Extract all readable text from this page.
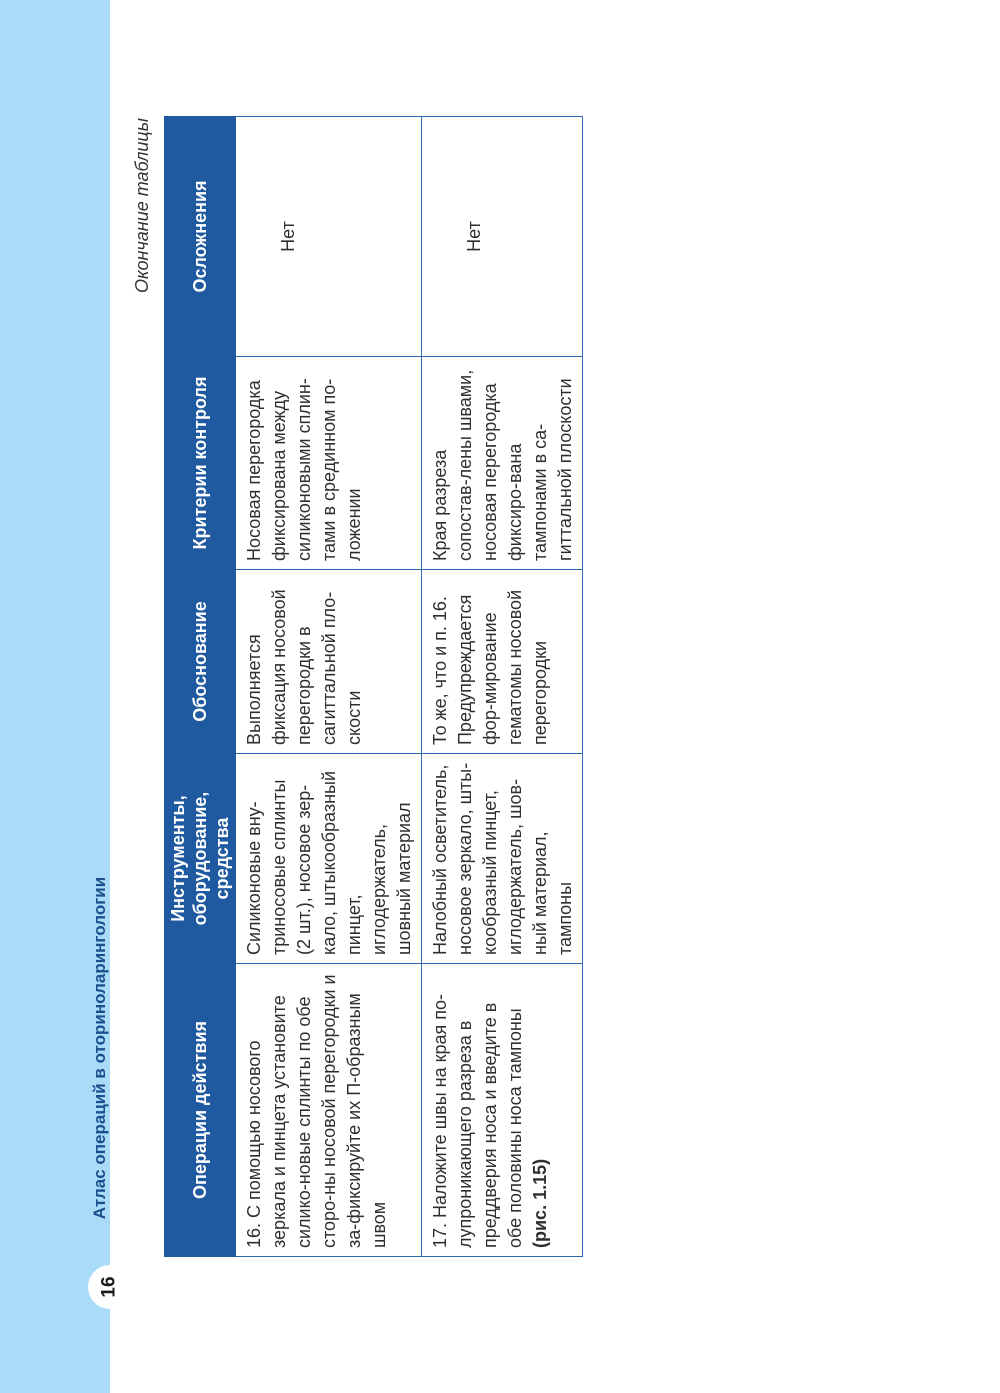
16
Атлас операций в оториноларингологии
Окончание таблицы
Операции действия	Инструменты, оборудование, средства	Обоснование	Критерии контроля	Осложнения
16. С помощью носового зеркала и пинцета установите силико-новые сплинты по обе сторо-ны носовой перегородки и за-фиксируйте их П-образным швом	Силиконовые вну-триносовые сплинты (2 шт.), носовое зер-кало, штыкообразный пинцет, иглодержатель, шовный материал	Выполняется фиксация носовой перегородки в сагиттальной пло-скости	Носовая перегородка фиксирована между силиконовыми сплин-тами в срединном по-ложении	Нет
17. Наложите швы на края по-лупроникающего разреза в преддверия носа и введите в обе половины носа тампоны (рис. 1.15)	Налобный осветитель, носовое зеркало, шты-кообразный пинцет, иглодержатель, шов-ный материал, тампоны	То же, что и п. 16. Предупреждается фор-мирование гематомы носовой перегородки	Края разреза сопостав-лены швами, носовая перегородка фиксиро-вана тампонами в са-гиттальной плоскости	Нет
